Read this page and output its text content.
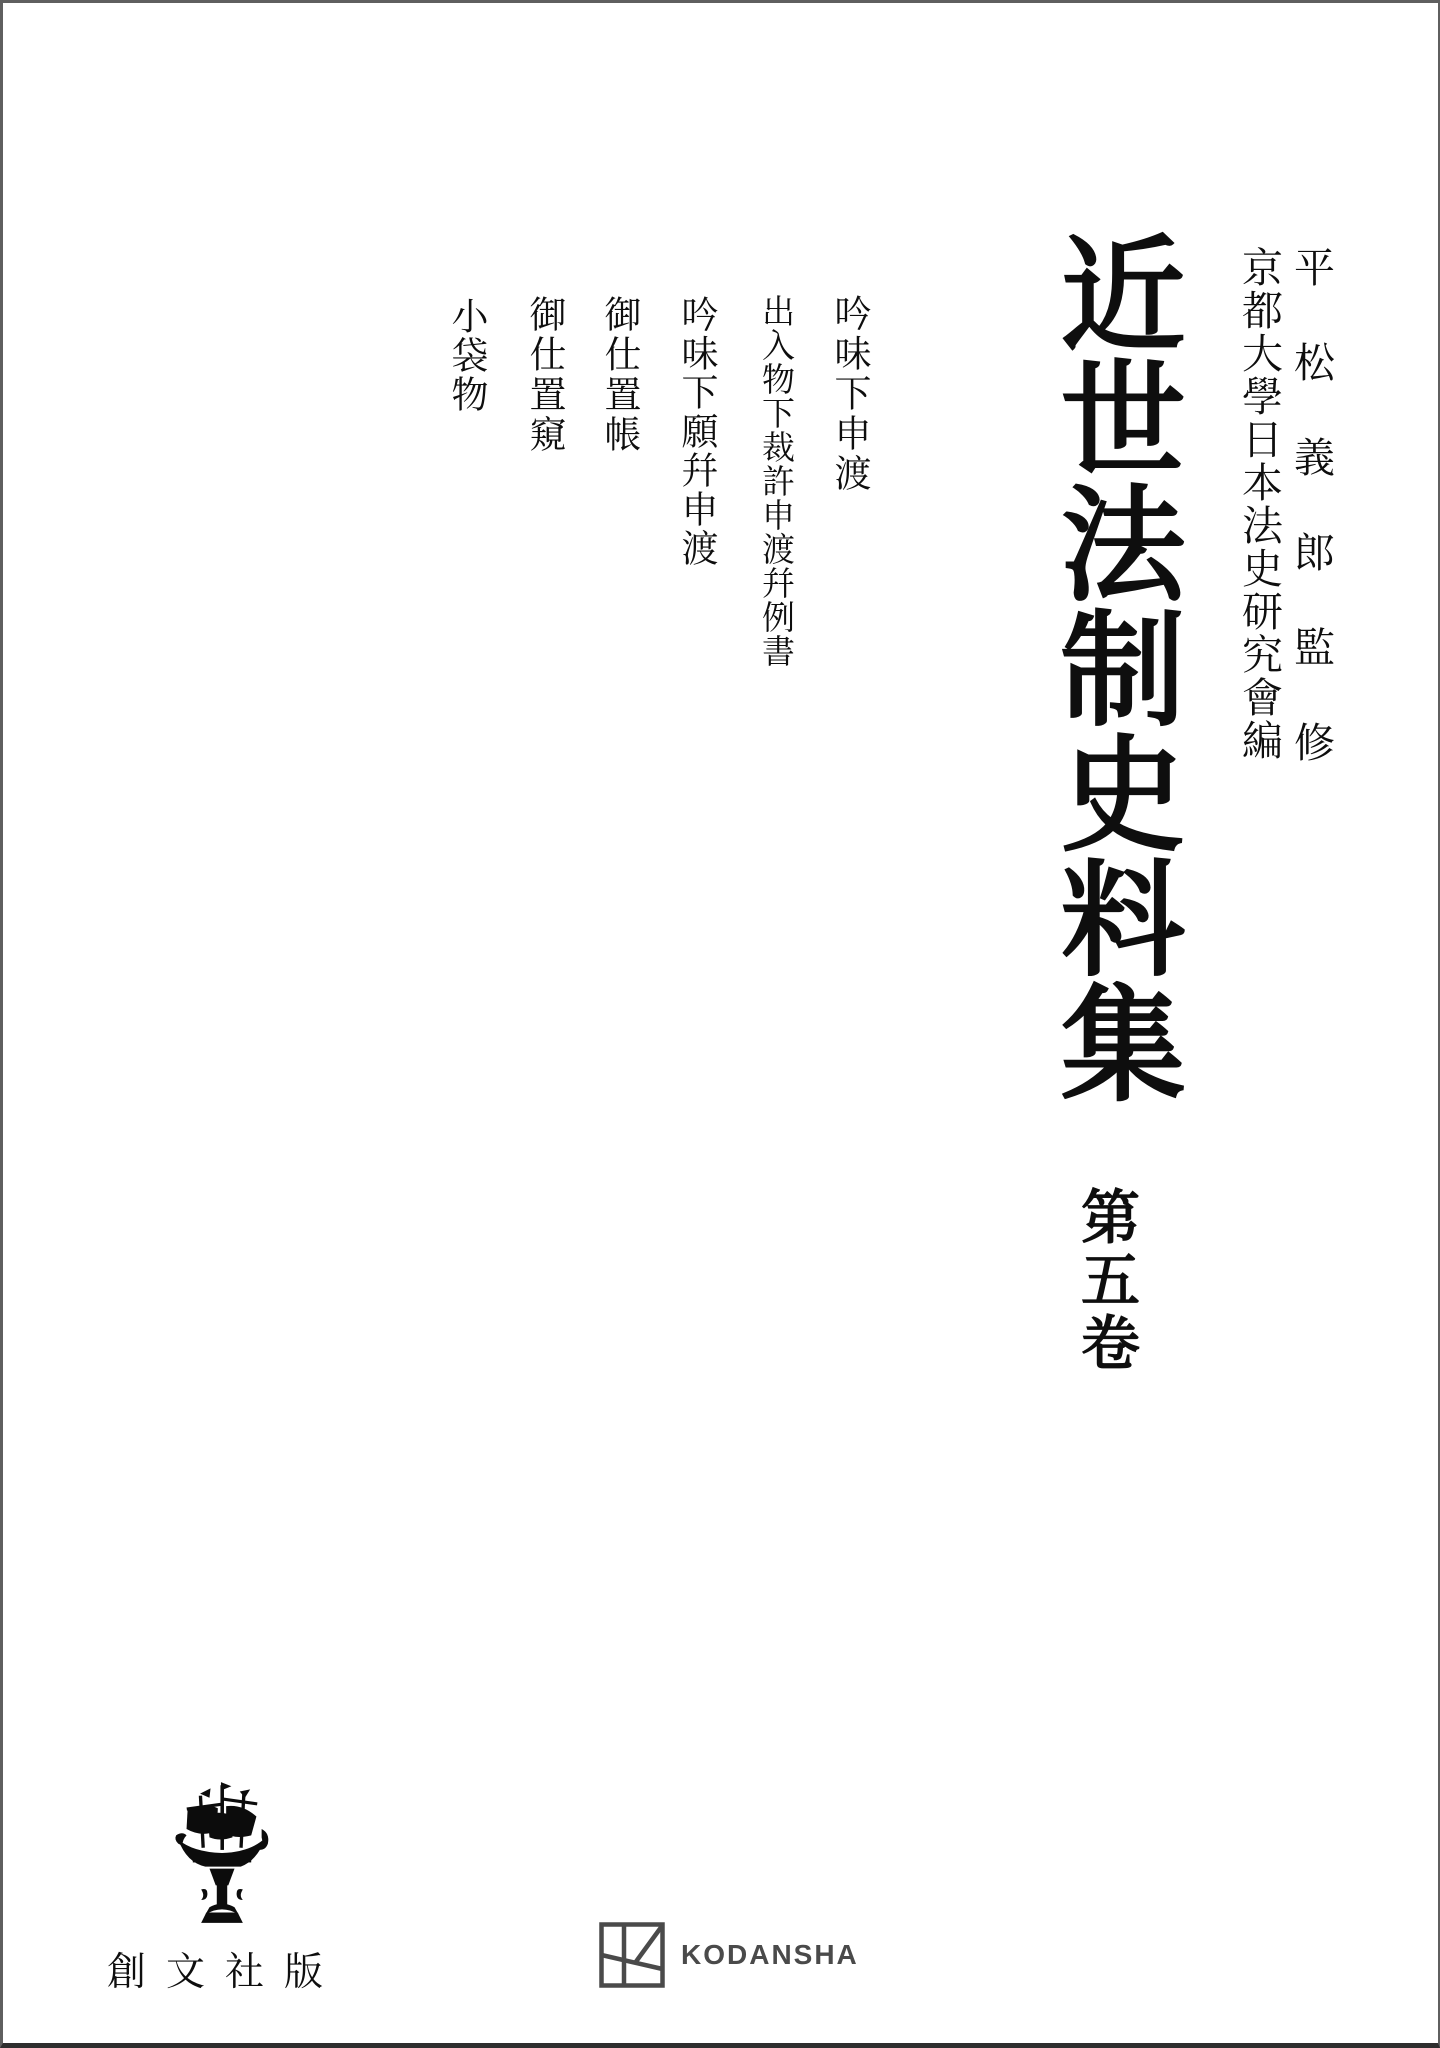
平松義郎監修
京都大學日本法史研究會編
近世法制史料集
第五卷
吟味下申渡
出入物下裁許申渡幷例書
吟味下願幷申渡
御仕置帳
御仕置窺
小袋物
創文社版	KODANSHA
